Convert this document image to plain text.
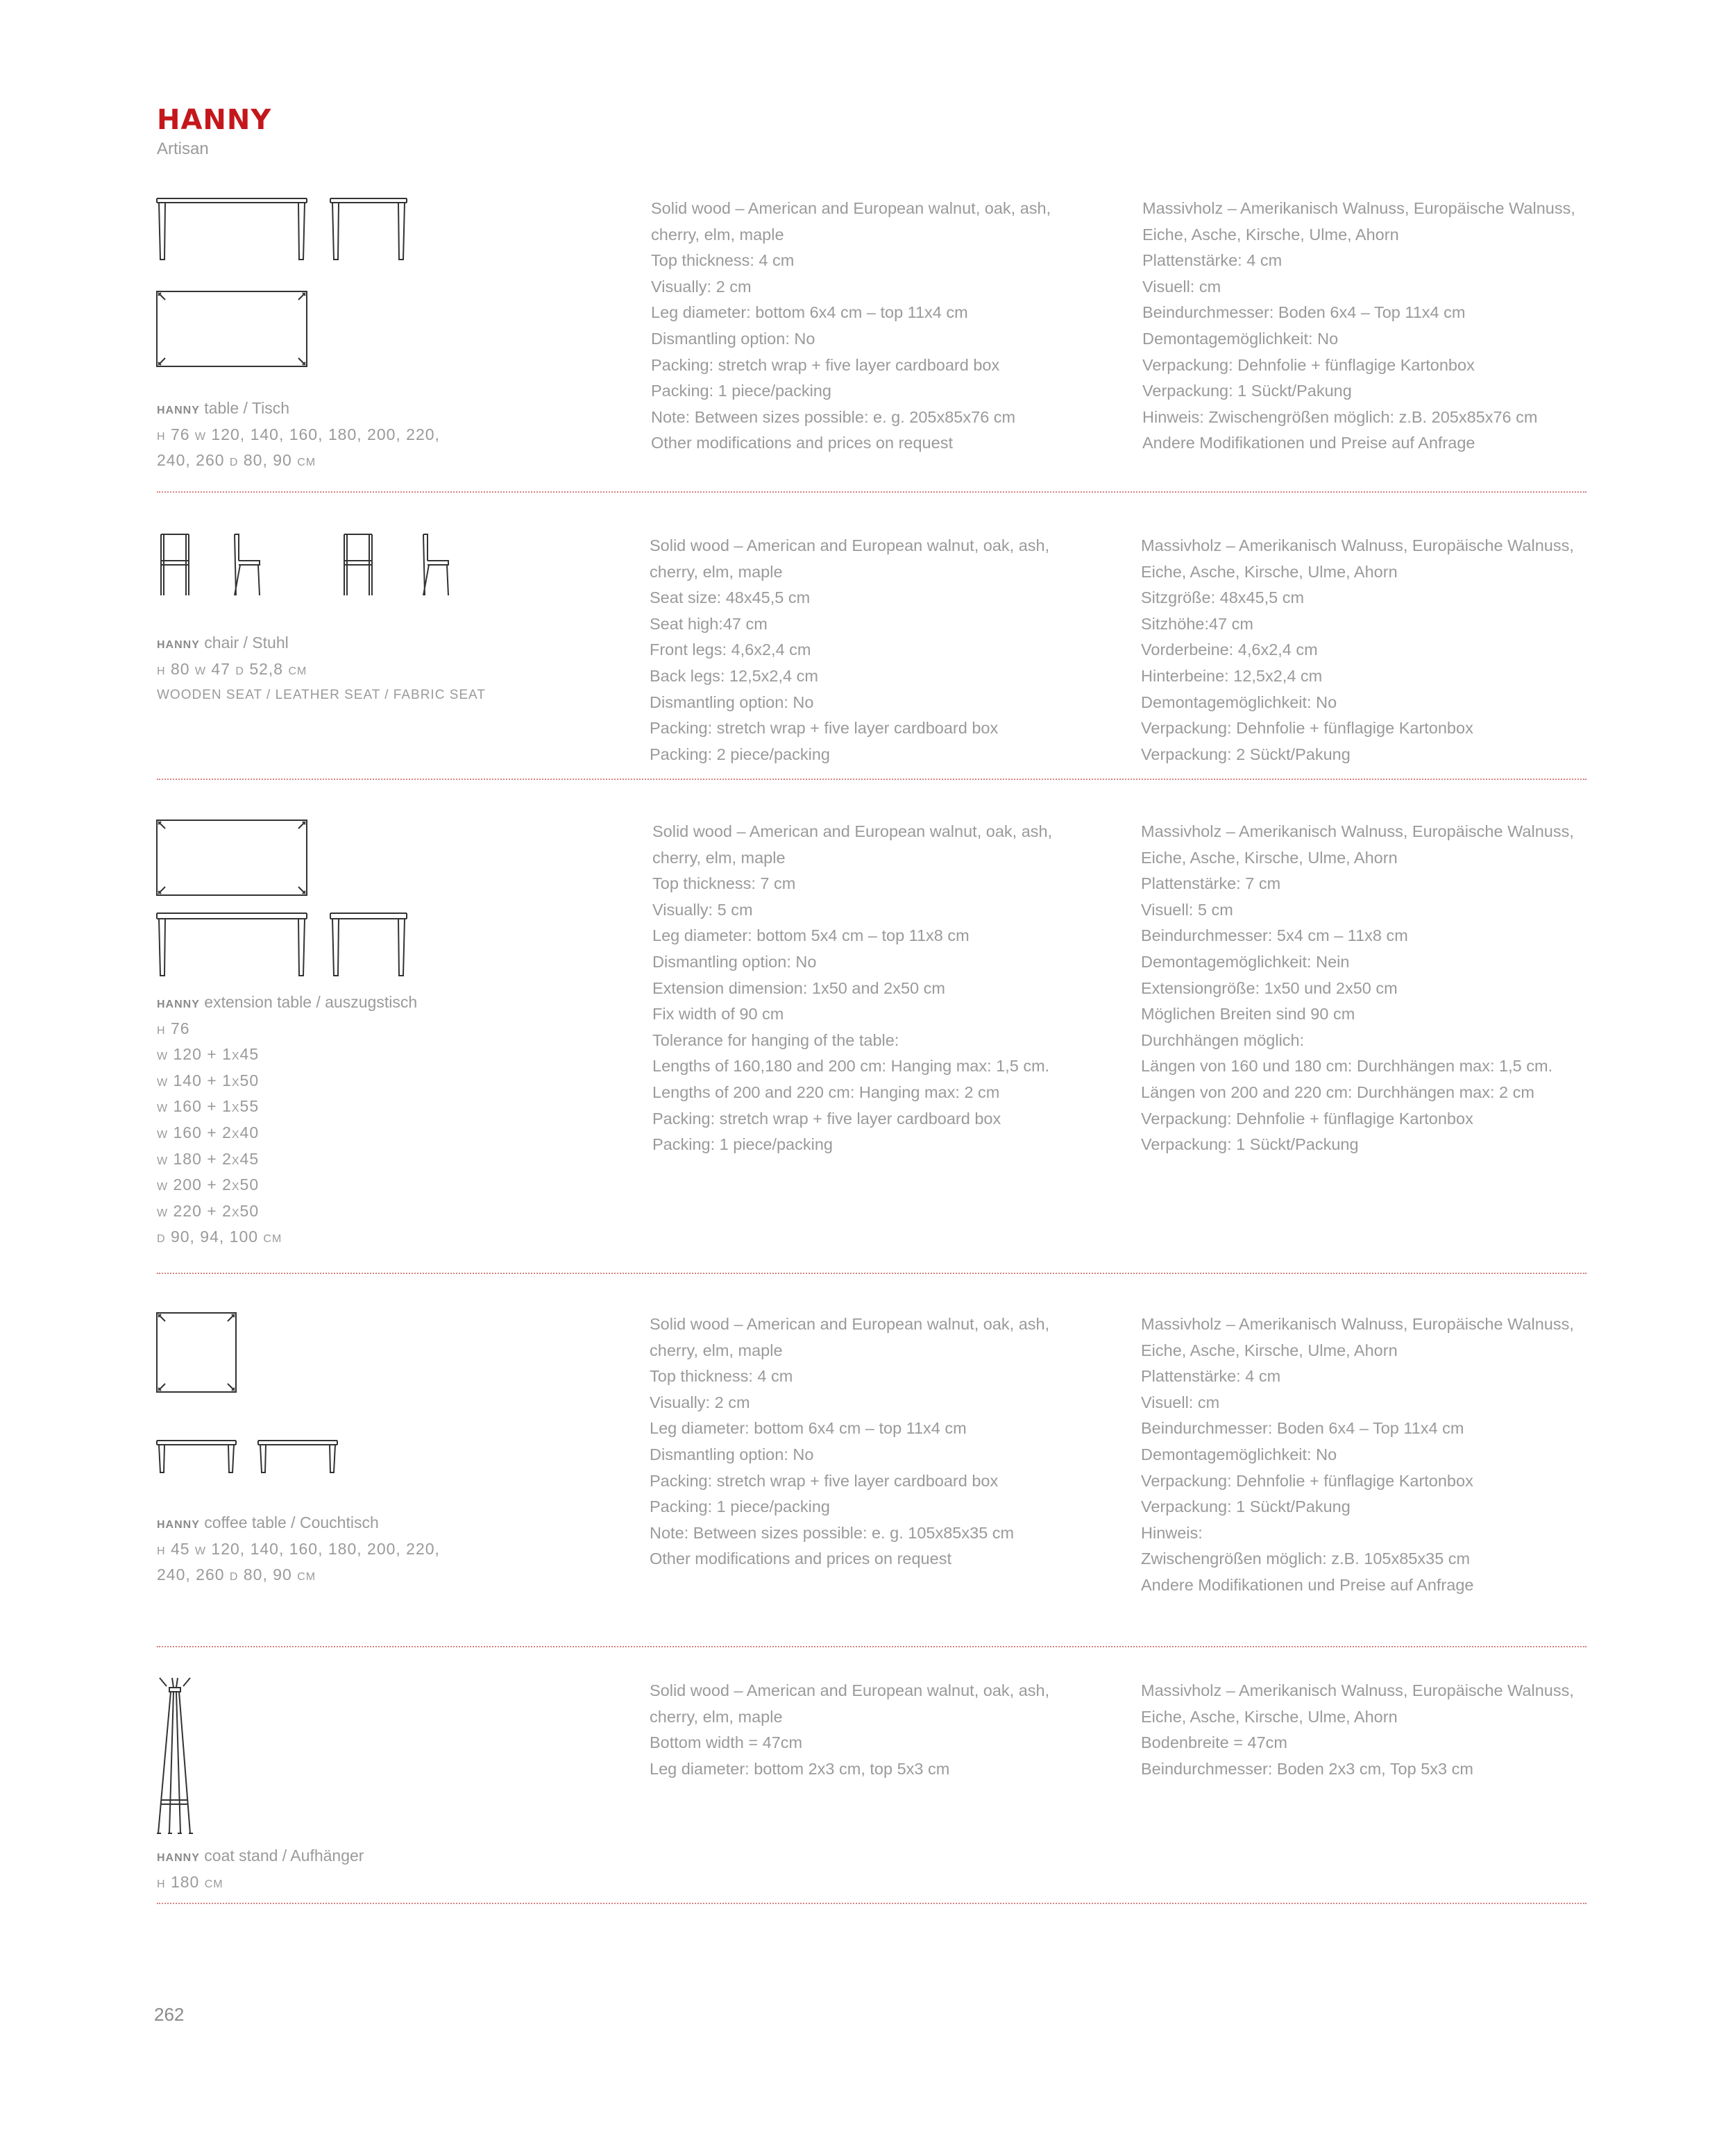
HANNY
Artisan
hanny table / Tisch
h 76 w 120, 140, 160, 180, 200, 220,
240, 260 d 80, 90 cm
Solid wood – American and European walnut, oak, ash,
cherry, elm, maple
Top thickness: 4 cm
Visually: 2 cm
Leg diameter: bottom 6x4 cm – top 11x4 cm
Dismantling option: No
Packing: stretch wrap + five layer cardboard box
Packing: 1 piece/packing
Note: Between sizes possible: e. g. 205x85x76 cm
Other modifications and prices on request
Massivholz – Amerikanisch Walnuss, Europäische Walnuss,
Eiche, Asche, Kirsche, Ulme, Ahorn
Plattenstärke: 4 cm
Visuell: cm
Beindurchmesser: Boden 6x4 – Top 11x4 cm
Demontagemöglichkeit: No
Verpackung: Dehnfolie + fünflagige Kartonbox
Verpackung: 1 Sückt/Pakung
Hinweis: Zwischengrößen möglich: z.B. 205x85x76 cm
Andere Modifikationen und Preise auf Anfrage
hanny chair / Stuhl
h 80 w 47 d 52,8 cm
WOODEN SEAT / LEATHER SEAT / FABRIC SEAT
Solid wood – American and European walnut, oak, ash,
cherry, elm, maple
Seat size: 48x45,5 cm
Seat high:47 cm
Front legs: 4,6x2,4 cm
Back legs: 12,5x2,4 cm
Dismantling option: No
Packing: stretch wrap + five layer cardboard box
Packing: 2 piece/packing
Massivholz – Amerikanisch Walnuss, Europäische Walnuss,
Eiche, Asche, Kirsche, Ulme, Ahorn
Sitzgröße: 48x45,5 cm
Sitzhöhe:47 cm
Vorderbeine: 4,6x2,4 cm
Hinterbeine: 12,5x2,4 cm
Demontagemöglichkeit: No
Verpackung: Dehnfolie + fünflagige Kartonbox
Verpackung: 2 Sückt/Pakung
hanny extension table / auszugstisch
h 76
w 120 + 1x45
w 140 + 1x50
w 160 + 1x55
w 160 + 2x40
w 180 + 2x45
w 200 + 2x50
w 220 + 2x50
d 90, 94, 100 cm
Solid wood – American and European walnut, oak, ash,
cherry, elm, maple
Top thickness: 7 cm
Visually: 5 cm
Leg diameter: bottom 5x4 cm – top 11x8 cm
Dismantling option: No
Extension dimension: 1x50 and 2x50 cm
Fix width of 90 cm
Tolerance for hanging of the table:
Lengths of 160,180 and 200 cm: Hanging max: 1,5 cm.
Lengths of 200 and 220 cm: Hanging max: 2 cm
Packing: stretch wrap + five layer cardboard box
Packing: 1 piece/packing
Massivholz – Amerikanisch Walnuss, Europäische Walnuss,
Eiche, Asche, Kirsche, Ulme, Ahorn
Plattenstärke: 7 cm
Visuell: 5 cm
Beindurchmesser: 5x4 cm – 11x8 cm
Demontagemöglichkeit: Nein
Extensiongröße: 1x50 und 2x50 cm
Möglichen Breiten sind 90 cm
Durchhängen möglich:
Längen von 160 und 180 cm: Durchhängen max: 1,5 cm.
Längen von 200 and 220 cm: Durchhängen max: 2 cm
Verpackung: Dehnfolie + fünflagige Kartonbox
Verpackung: 1 Sückt/Packung
hanny coffee table / Couchtisch
h 45 w 120, 140, 160, 180, 200, 220,
240, 260 d 80, 90 cm
Solid wood – American and European walnut, oak, ash,
cherry, elm, maple
Top thickness: 4 cm
Visually: 2 cm
Leg diameter: bottom 6x4 cm – top 11x4 cm
Dismantling option: No
Packing: stretch wrap + five layer cardboard box
Packing: 1 piece/packing
Note: Between sizes possible: e. g. 105x85x35 cm
Other modifications and prices on request
Massivholz – Amerikanisch Walnuss, Europäische Walnuss,
Eiche, Asche, Kirsche, Ulme, Ahorn
Plattenstärke: 4 cm
Visuell: cm
Beindurchmesser: Boden 6x4 – Top 11x4 cm
Demontagemöglichkeit: No
Verpackung: Dehnfolie + fünflagige Kartonbox
Verpackung: 1 Sückt/Pakung
Hinweis:
Zwischengrößen möglich: z.B. 105x85x35 cm
Andere Modifikationen und Preise auf Anfrage
hanny coat stand / Aufhänger
h 180 cm
Solid wood – American and European walnut, oak, ash,
cherry, elm, maple
Bottom width = 47cm
Leg diameter: bottom 2x3 cm, top 5x3 cm
Massivholz – Amerikanisch Walnuss, Europäische Walnuss,
Eiche, Asche, Kirsche, Ulme, Ahorn
Bodenbreite = 47cm
Beindurchmesser: Boden 2x3 cm, Top 5x3 cm
262
